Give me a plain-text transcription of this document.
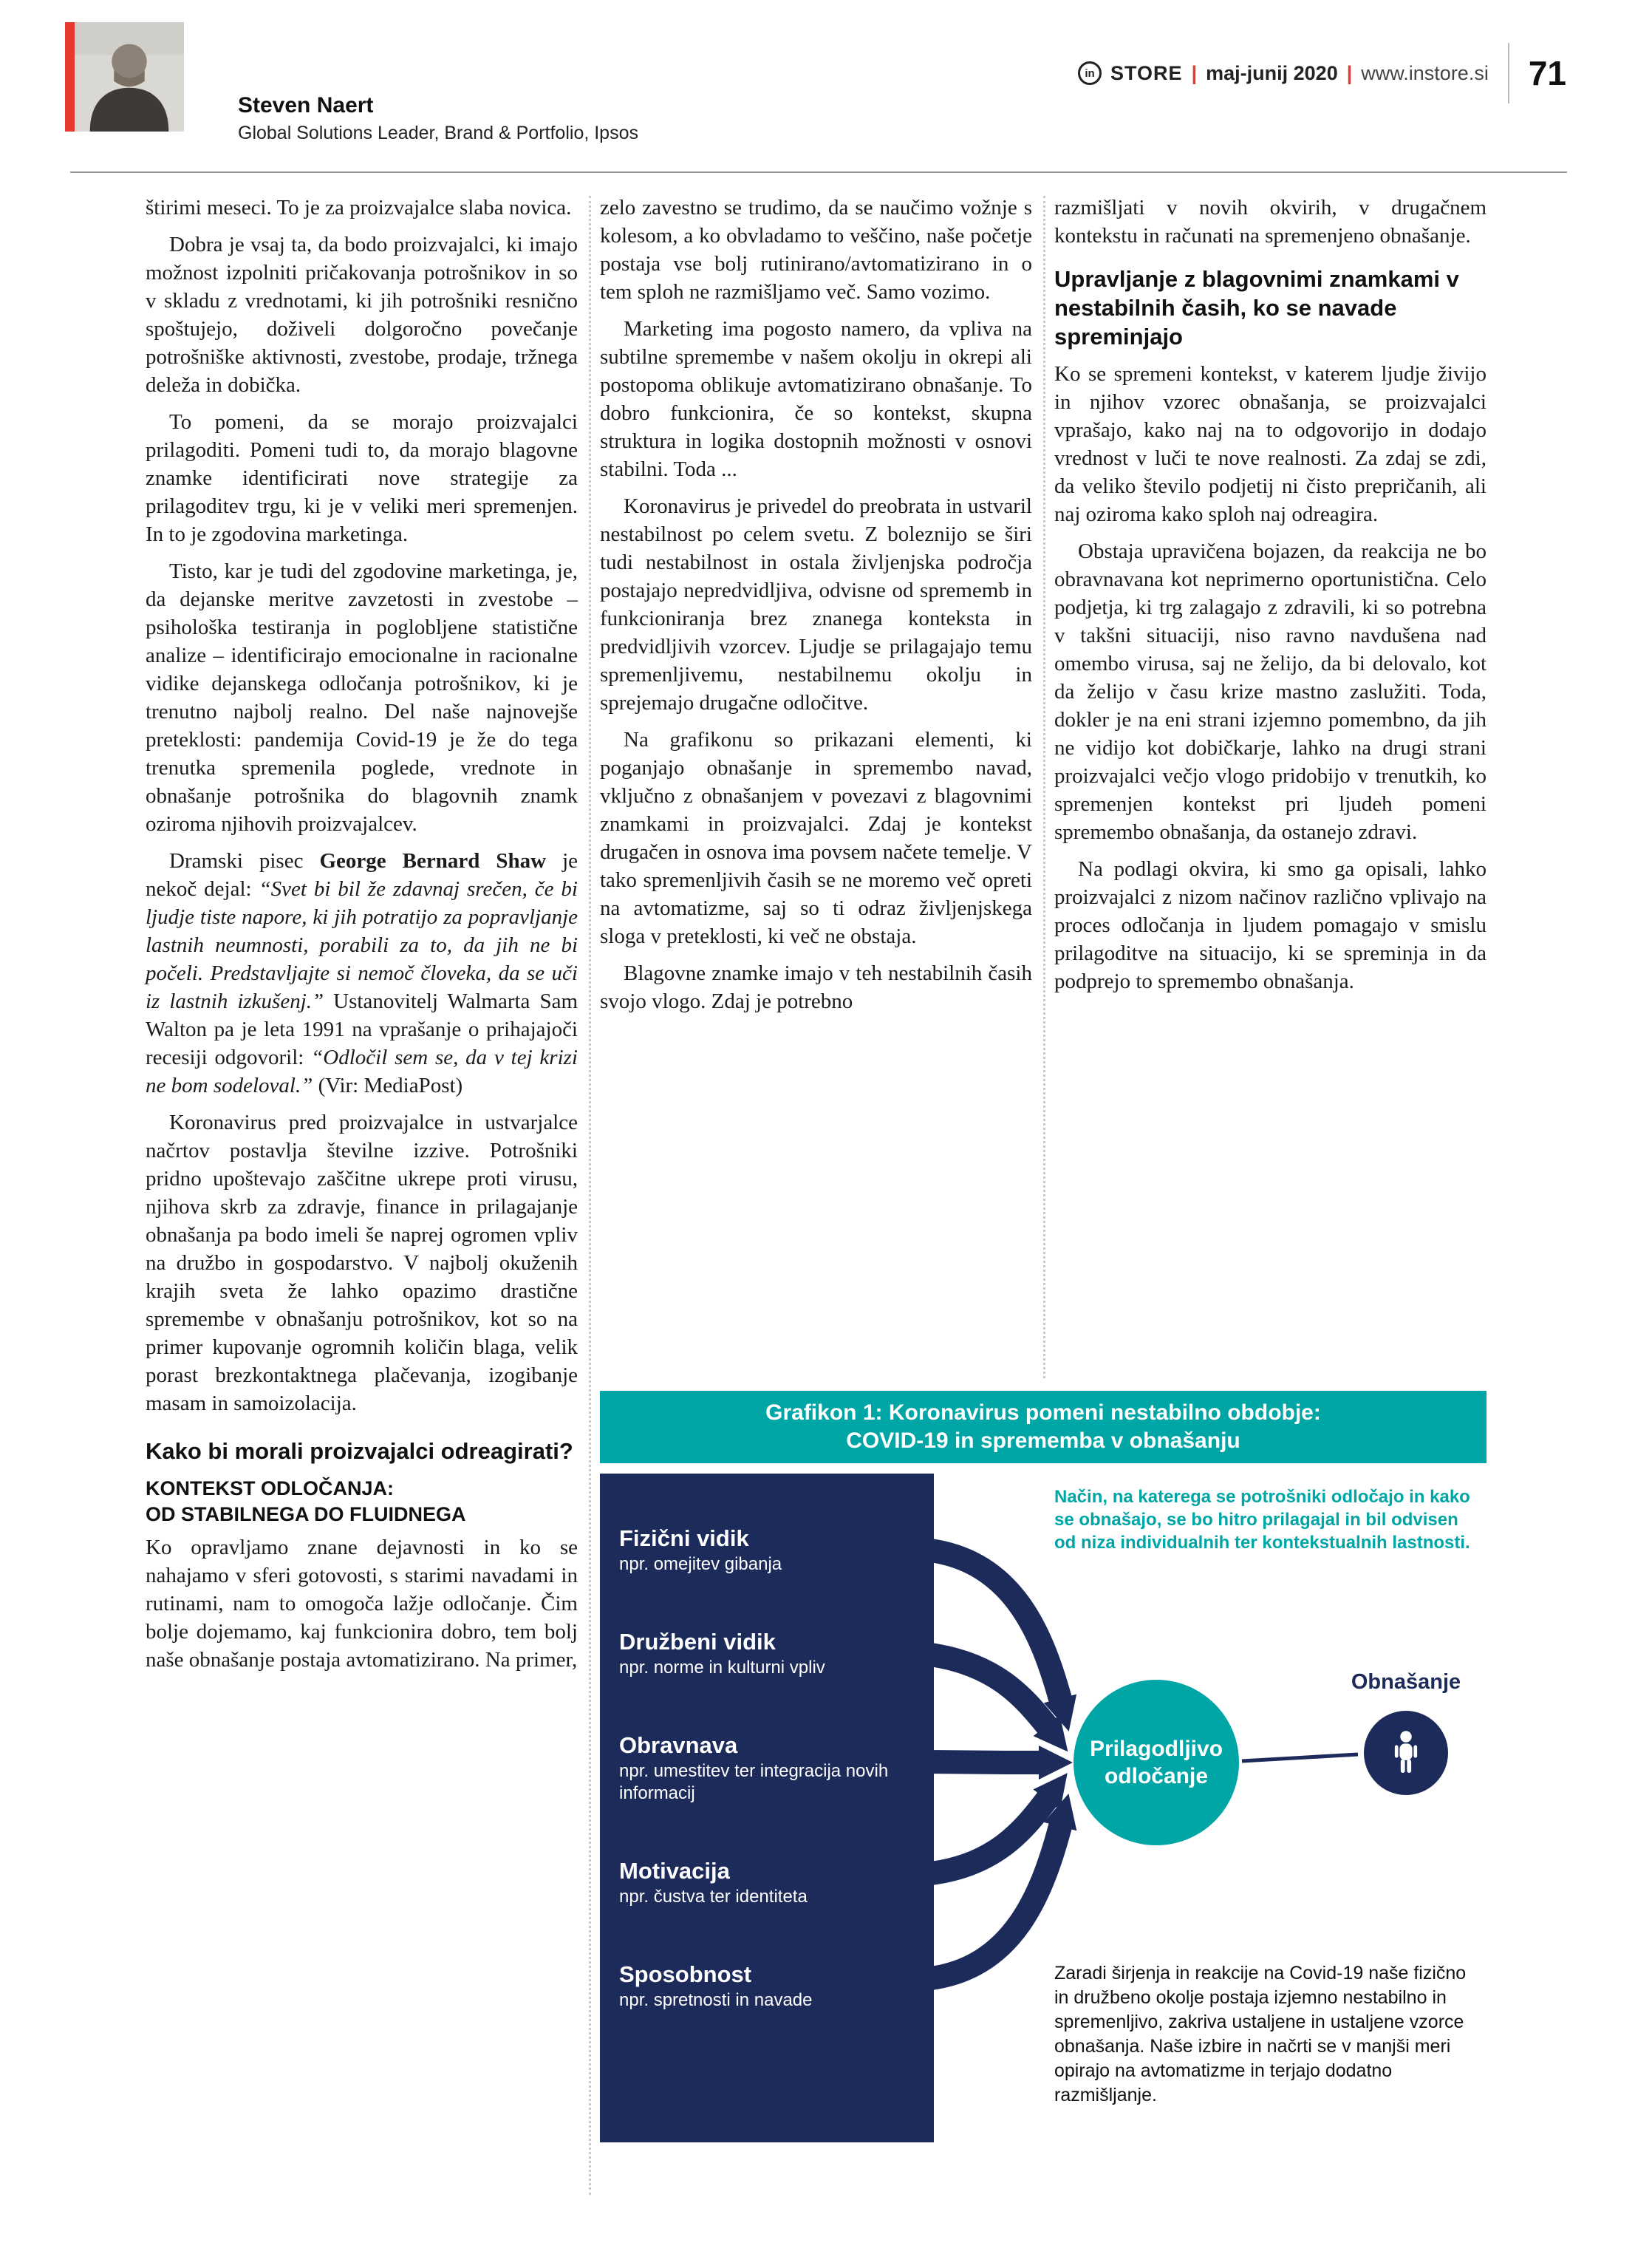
Steven Naert
Global Solutions Leader, Brand & Portfolio, Ipsos
in STORE | maj-junij 2020 | www.instore.si 71

štirimi meseci. To je za proizvajalce slaba novica.

Dobra je vsaj ta, da bodo proizvajalci, ki imajo možnost izpolniti pričakovanja potrošnikov in so v skladu z vrednotami, ki jih potrošniki resnično spoštujejo, doživeli dolgoročno povečanje potrošniške aktivnosti, zvestobe, prodaje, tržnega deleža in dobička.

To pomeni, da se morajo proizvajalci prilagoditi. Pomeni tudi to, da morajo blagovne znamke identificirati nove strategije za prilagoditev trgu, ki je v veliki meri spremenjen. In to je zgodovina marketinga.

Tisto, kar je tudi del zgodovine marketinga, je, da dejanske meritve zavzetosti in zvestobe – psihološka testiranja in poglobljene statistične analize – identificirajo emocionalne in racionalne vidike dejanskega odločanja potrošnikov, ki je trenutno najbolj realno. Del naše najnovejše preteklosti: pandemija Covid-19 je že do tega trenutka spremenila poglede, vrednote in obnašanje potrošnika do blagovnih znamk oziroma njihovih proizvajalcev.

Dramski pisec George Bernard Shaw je nekoč dejal: “Svet bi bil že zdavnaj srečen, če bi ljudje tiste napore, ki jih potratijo za popravljanje lastnih neumnosti, porabili za to, da jih ne bi počeli. Predstavljajte si nemoč človeka, da se uči iz lastnih izkušenj.” Ustanovitelj Walmarta Sam Walton pa je leta 1991 na vprašanje o prihajajoči recesiji odgovoril: “Odločil sem se, da v tej krizi ne bom sodeloval.” (Vir: MediaPost)

Koronavirus pred proizvajalce in ustvarjalce načrtov postavlja številne izzive. Potrošniki pridno upoštevajo zaščitne ukrepe proti virusu, njihova skrb za zdravje, finance in prilagajanje obnašanja pa bodo imeli še naprej ogromen vpliv na družbo in gospodarstvo. V najbolj okuženih krajih sveta že lahko opazimo drastične spremembe v obnašanju potrošnikov, kot so na primer kupovanje ogromnih količin blaga, velik porast brezkontaktnega plačevanja, izogibanje masam in samoizolacija.

Kako bi morali proizvajalci odreagirati?
KONTEKST ODLOČANJA:
OD STABILNEGA DO FLUIDNEGA

Ko opravljamo znane dejavnosti in ko se nahajamo v sferi gotovosti, s starimi navadami in rutinami, nam to omogoča lažje odločanje. Čim bolje dojemamo, kaj funkcionira dobro, tem bolj naše obnašanje postaja avtomatizirano. Na primer,

zelo zavestno se trudimo, da se naučimo vožnje s kolesom, a ko obvladamo to veščino, naše početje postaja vse bolj rutinirano/avtomatizirano in o tem sploh ne razmišljamo več. Samo vozimo.

Marketing ima pogosto namero, da vpliva na subtilne spremembe v našem okolju in okrepi ali postopoma oblikuje avtomatizirano obnašanje. To dobro funkcionira, če so kontekst, skupna struktura in logika dostopnih možnosti v osnovi stabilni. Toda ...

Koronavirus je privedel do preobrata in ustvaril nestabilnost po celem svetu. Z boleznijo se širi tudi nestabilnost in ostala življenjska področja postajajo nepredvidljiva, odvisne od sprememb in funkcioniranja brez znanega konteksta in predvidljivih vzorcev. Ljudje se prilagajajo temu spremenljivemu, nestabilnemu okolju in sprejemajo drugačne odločitve.

Na grafikonu so prikazani elementi, ki poganjajo obnašanje in spremembo navad, vključno z obnašanjem v povezavi z blagovnimi znamkami in proizvajalci. Zdaj je kontekst drugačen in osnova ima povsem načete temelje. V tako spremenljivih časih se ne moremo več opreti na avtomatizme, saj so ti odraz življenjskega sloga v preteklosti, ki več ne obstaja.

Blagovne znamke imajo v teh nestabilnih časih svojo vlogo. Zdaj je potrebno

razmišljati v novih okvirih, v drugačnem kontekstu in računati na spremenjeno obnašanje.

Upravljanje z blagovnimi znamkami v nestabilnih časih, ko se navade spreminjajo

Ko se spremeni kontekst, v katerem ljudje živijo in njihov vzorec obnašanja, se proizvajalci vprašajo, kako naj na to odgovorijo in dodajo vrednost v luči te nove realnosti. Za zdaj se zdi, da veliko število podjetij ni čisto prepričanih, ali naj oziroma kako sploh naj odreagira.

Obstaja upravičena bojazen, da reakcija ne bo obravnavana kot neprimerno oportunistična. Celo podjetja, ki trg zalagajo z zdravili, ki so potrebna v takšni situaciji, niso ravno navdušena nad omembo virusa, saj ne želijo, da bi delovalo, kot da želijo v času krize mastno zaslužiti. Toda, dokler je na eni strani izjemno pomembno, da jih ne vidijo kot dobičkarje, lahko na drugi strani proizvajalci večjo vlogo pridobijo v trenutkih, ko spremenjen kontekst pri ljudeh pomeni spremembo obnašanja, da ostanejo zdravi.

Na podlagi okvira, ki smo ga opisali, lahko proizvajalci z nizom načinov različno vplivajo na proces odločanja in ljudem pomagajo v smislu prilagoditve na situacijo, ki se spreminja in da podprejo to spremembo obnašanja.

Grafikon 1: Koronavirus pomeni nestabilno obdobje:
COVID-19 in sprememba v obnašanju
Način, na katerega se potrošniki odločajo in kako se obnašajo, se bo hitro prilagajal in bil odvisen od niza individualnih ter kontekstualnih lastnosti.
Fizični vidik
npr. omejitev gibanja
Družbeni vidik
npr. norme in kulturni vpliv
Obravnava
npr. umestitev ter integracija novih informacij
Motivacija
npr. čustva ter identiteta
Sposobnost
npr. spretnosti in navade
Prilagodljivo odločanje
Obnašanje
Zaradi širjenja in reakcije na Covid-19 naše fizično in družbeno okolje postaja izjemno nestabilno in spremenljivo, zakriva ustaljene in ustaljene vzorce obnašanja. Naše izbire in načrti se v manjši meri opirajo na avtomatizme in terjajo dodatno razmišljanje.
